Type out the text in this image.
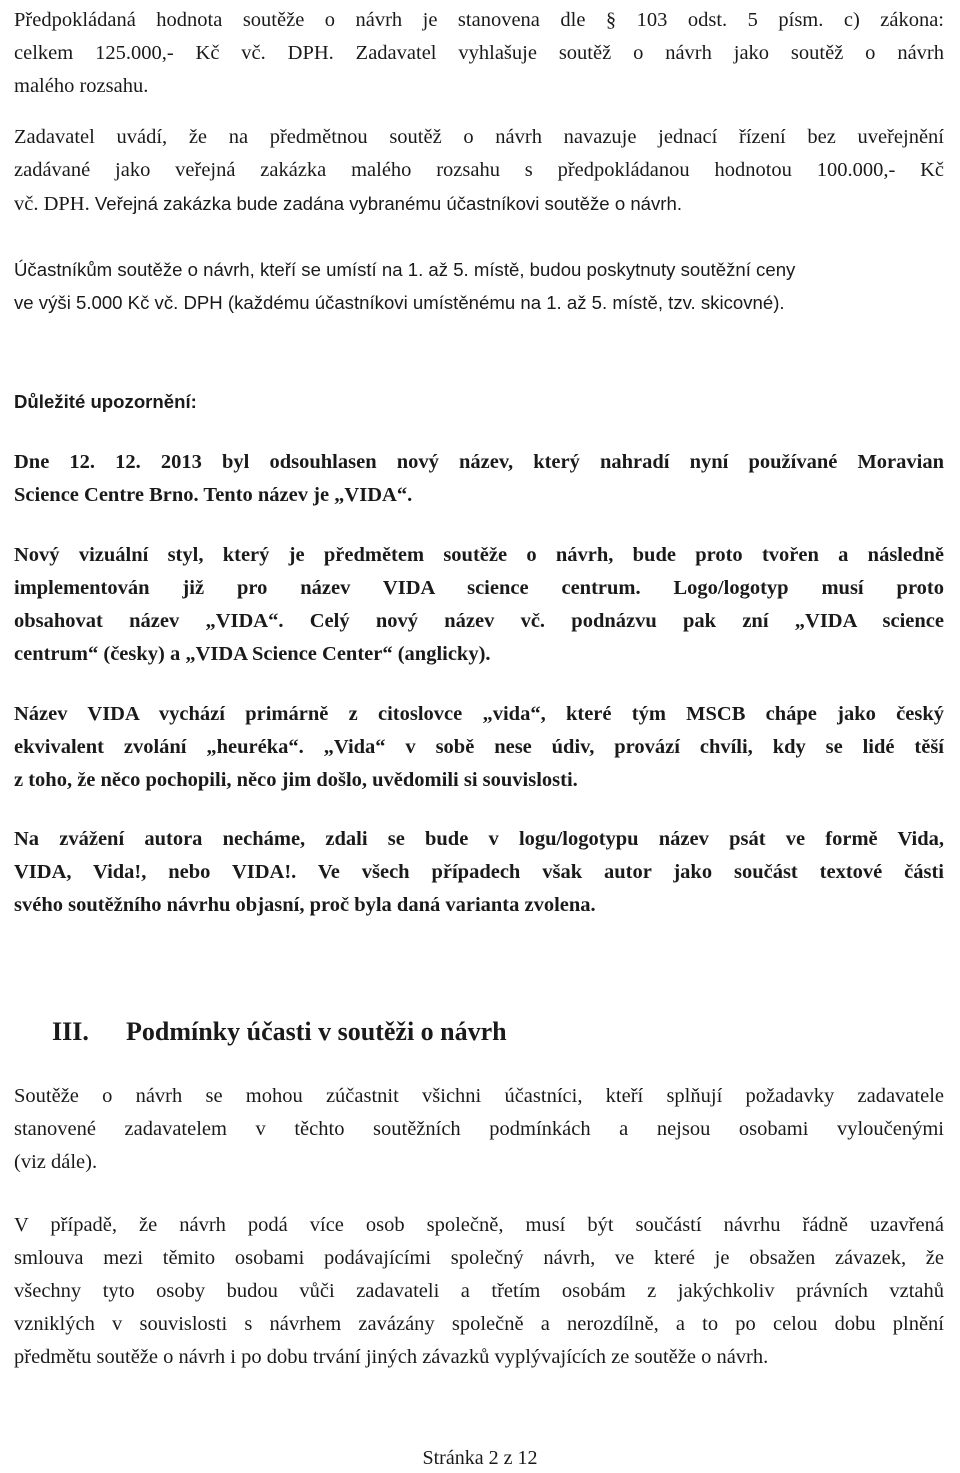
Předpokládaná hodnota soutěže o návrh je stanovena dle § 103 odst. 5 písm. c) zákona:
celkem 125.000,- Kč vč. DPH. Zadavatel vyhlašuje soutěž o návrh jako soutěž o návrh
malého rozsahu.
Zadavatel uvádí, že na předmětnou soutěž o návrh navazuje jednací řízení bez uveřejnění
zadávané jako veřejná zakázka malého rozsahu s předpokládanou hodnotou 100.000,- Kč
vč. DPH. Veřejná zakázka bude zadána vybranému účastníkovi soutěže o návrh.
Účastníkům soutěže o návrh, kteří se umístí na 1. až 5. místě, budou poskytnuty soutěžní ceny
ve výši 5.000 Kč vč. DPH (každému účastníkovi umístěnému na 1. až 5. místě, tzv. skicovné).
Důležité upozornění:
Dne 12. 12. 2013 byl odsouhlasen nový název, který nahradí nyní používané Moravian
Science Centre Brno. Tento název je „VIDA“.
Nový vizuální styl, který je předmětem soutěže o návrh, bude proto tvořen a následně
implementován již pro název VIDA science centrum. Logo/logotyp musí proto
obsahovat název „VIDA“. Celý nový název vč. podnázvu pak zní „VIDA science
centrum“ (česky) a „VIDA Science Center“ (anglicky).
Název VIDA vychází primárně z citoslovce „vida“, které tým MSCB chápe jako český
ekvivalent zvolání „heuréka“. „Vida“ v sobě nese údiv, provází chvíli, kdy se lidé těší
z toho, že něco pochopili, něco jim došlo, uvědomili si souvislosti.
Na zvážení autora necháme, zdali se bude v logu/logotypu název psát ve formě Vida,
VIDA, Vida!, nebo VIDA!. Ve všech případech však autor jako součást textové části
svého soutěžního návrhu objasní, proč byla daná varianta zvolena.
III. Podmínky účasti v soutěži o návrh
Soutěže o návrh se mohou zúčastnit všichni účastníci, kteří splňují požadavky zadavatele
stanovené zadavatelem v těchto soutěžních podmínkách a nejsou osobami vyloučenými
(viz dále).
V případě, že návrh podá více osob společně, musí být součástí návrhu řádně uzavřená
smlouva mezi těmito osobami podávajícími společný návrh, ve které je obsažen závazek, že
všechny tyto osoby budou vůči zadavateli a třetím osobám z jakýchkoliv právních vztahů
vzniklých v souvislosti s návrhem zavázány společně a nerozdílně, a to po celou dobu plnění
předmětu soutěže o návrh i po dobu trvání jiných závazků vyplývajících ze soutěže o návrh.
Stránka 2 z 12
